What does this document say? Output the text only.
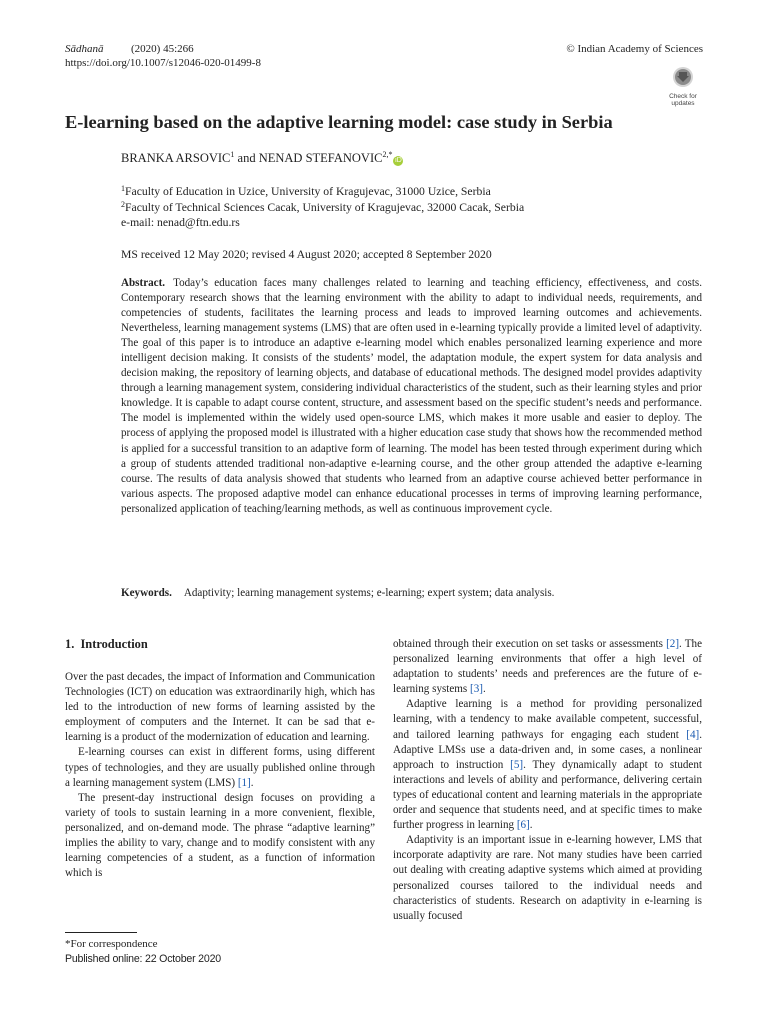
Sādhanā	(2020) 45:266
https://doi.org/10.1007/s12046-020-01499-8
© Indian Academy of Sciences
Check for
updates
E-learning based on the adaptive learning model: case study in Serbia
BRANKA ARSOVIC$^1$ and NENAD $STEFANOVIC^{2,*}iD$
$^1$Faculty of Education in Uzice, University of Kragujevac, 31000 Uzice, Serbia
$^2$Faculty of Technical Sciences Cacak, University of Kragujevac, 32000 Cacak, Serbia
e-mail: nenad@ftn.edu.rs
MS received 12 May 2020; revised 4 August 2020; accepted 8 September 2020

Abstract. Today’s education faces many challenges related to learning and teaching efficiency, effectiveness, and costs. Contemporary research shows that the learning environment with the ability to adapt to individual needs, requirements, and competencies of students, facilitates the learning process and leads to improved learning outcomes and achievements. Nevertheless, learning management systems (LMS) that are often used in e-learning typically provide a limited level of adaptivity. The goal of this paper is to introduce an adaptive e-learning model which enables personalized learning experience and more intelligent decision making. It consists of the students’ model, the adaptation module, the expert system for data analysis and decision making, the repository of learning objects, and database of educational methods. The designed model provides adaptivity through a learning management system, considering individual characteristics of the student, such as their learning styles and prior knowledge. It is capable to adapt course content, structure, and assessment based on the specific student’s needs and performance. The model is implemented within the widely used open-source LMS, which makes it more usable and easier to deploy. The process of applying the proposed model is illustrated with a higher education case study that shows how the recommended method is applied for a successful transition to an adaptive form of learning. The model has been tested through experiment during which a group of students attended traditional non-adaptive e-learning course, and the other group attended the adaptive e-learning course. The results of data analysis showed that students who learned from an adaptive course achieved better performance in various aspects. The proposed adaptive model can enhance educational processes in terms of improving learning performance, personalized application of teaching/learning methods, as well as continuous improvement cycle.

Keywords. Adaptivity; learning management systems; e-learning; expert system; data analysis.
1.  Introduction

Over the past decades, the impact of Information and Communication Technologies (ICT) on education was extraordinarily high, which has led to the introduction of new forms of learning assisted by the employment of computers and the Internet. It can be sad that e-learning is a product of the modernization of education and learning.

E-learning courses can exist in different forms, using different types of technologies, and they are usually published online through a learning management system (LMS) [1].

The present-day instructional design focuses on providing a variety of tools to sustain learning in a more convenient, flexible, personalized, and on-demand mode. The phrase “adaptive learning” implies the ability to vary, change and to modify consistent with any learning competencies of a student, as a function of information which is

obtained through their execution on set tasks or assessments [2]. The personalized learning environments that offer a high level of adaptation to students’ needs and preferences are the future of e-learning systems [3].

Adaptive learning is a method for providing personalized learning, with a tendency to make available competent, successful, and tailored learning pathways for engaging each student [4]. Adaptive LMSs use a data-driven and, in some cases, a nonlinear approach to instruction [5]. They dynamically adapt to student interactions and levels of ability and performance, delivering certain types of educational content and learning materials in the appropriate order and sequence that students need, and at specific times to make further progress in learning [6].

Adaptivity is an important issue in e-learning however, LMS that incorporate adaptivity are rare. Not many studies have been carried out dealing with creating adaptive systems which aimed at providing personalized courses tailored to the individual needs and characteristics of students. Research on adaptivity in e-learning is usually focused

*For correspondence
Published online: 22 October 2020
